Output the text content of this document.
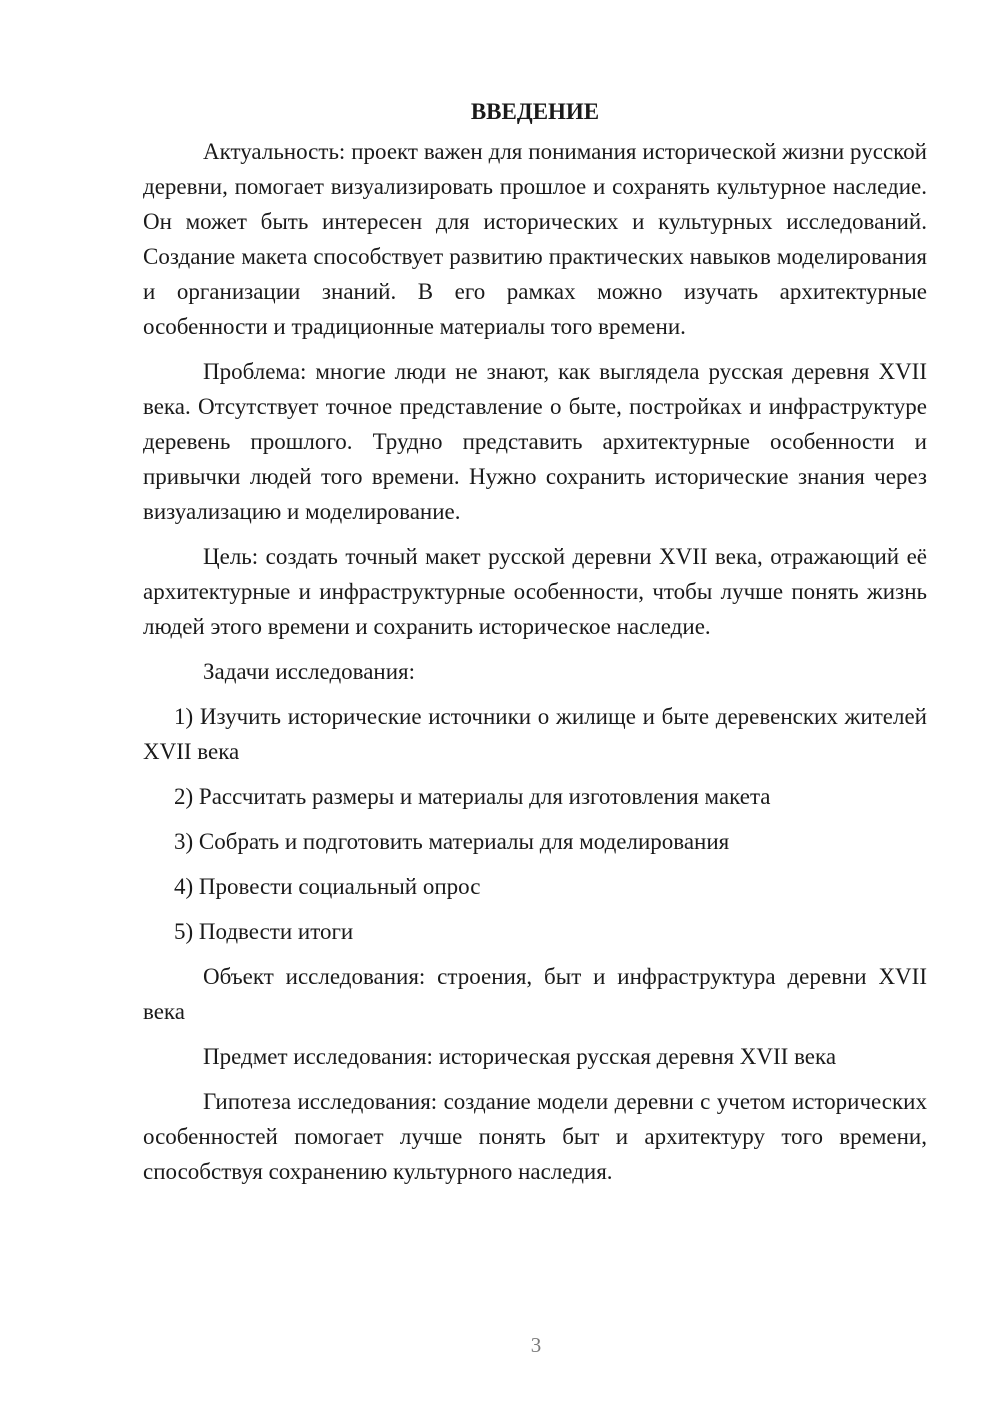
ВВЕДЕНИЕ

Актуальность: проект важен для понимания исторической жизни русской деревни, помогает визуализировать прошлое и сохранять культурное наследие. Он может быть интересен для исторических и культурных исследований. Создание макета способствует развитию практических навыков моделирования и организации знаний. В его рамках можно изучать архитектурные особенности и традиционные материалы того времени.

Проблема: многие люди не знают, как выглядела русская деревня XVII века. Отсутствует точное представление о быте, постройках и инфраструктуре деревень прошлого. Трудно представить архитектурные особенности и привычки людей того времени. Нужно сохранить исторические знания через визуализацию и моделирование.

Цель: создать точный макет русской деревни XVII века, отражающий её архитектурные и инфраструктурные особенности, чтобы лучше понять жизнь людей этого времени и сохранить историческое наследие.

Задачи исследования:

1) Изучить исторические источники о жилище и быте деревенских жителей XVII века

2) Рассчитать размеры и материалы для изготовления макета

3) Собрать и подготовить материалы для моделирования

4) Провести социальный опрос

5) Подвести итоги

Объект исследования: строения, быт и инфраструктура деревни XVII века

Предмет исследования: историческая русская деревня XVII века

Гипотеза исследования: создание модели деревни с учетом исторических особенностей помогает лучше понять быт и архитектуру того времени, способствуя сохранению культурного наследия.

3
